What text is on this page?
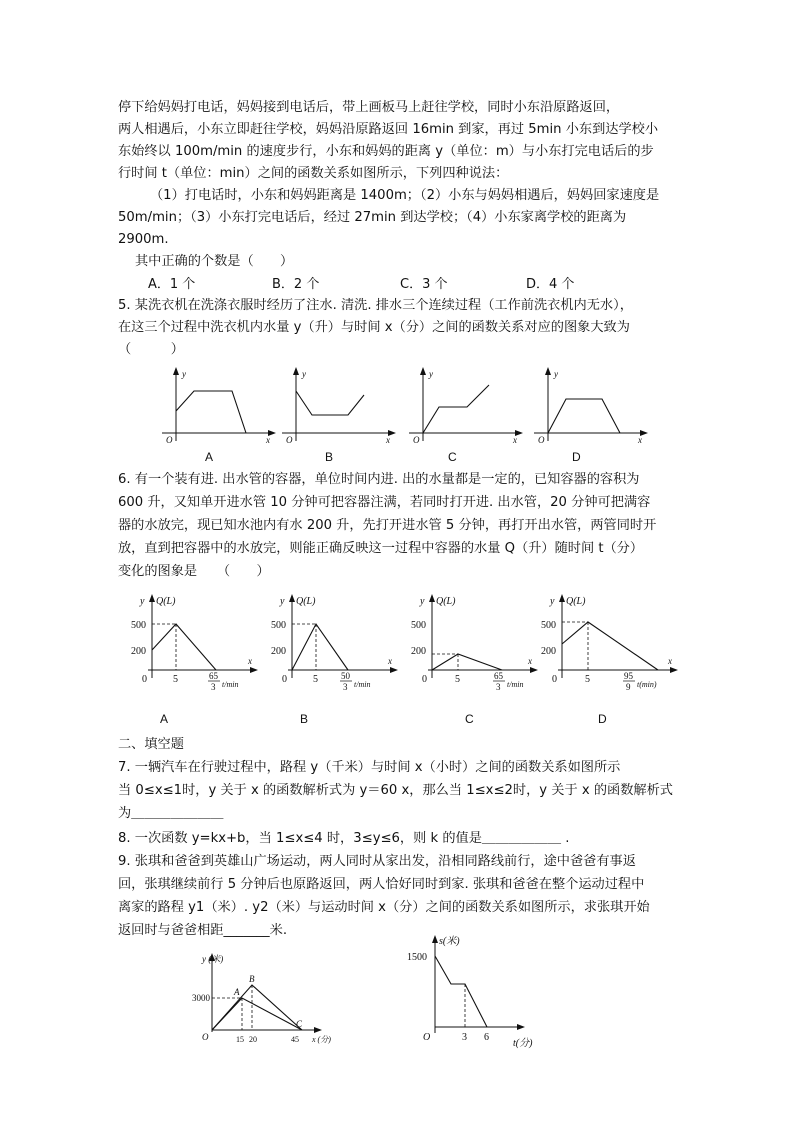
停下给妈妈打电话，妈妈接到电话后，带上画板马上赶往学校，同时小东沿原路返回，
两人相遇后，小东立即赶往学校，妈妈沿原路返回 16min 到家，再过 5min 小东到达学校小
东始终以 100m/min 的速度步行，小东和妈妈的距离 y（单位：m）与小东打完电话后的步
行时间 t（单位：min）之间的函数关系如图所示，下列四种说法：
（1）打电话时，小东和妈妈距离是 1400m；（2）小东与妈妈相遇后，妈妈回家速度是
50m/min；（3）小东打完电话后，经过 27min 到达学校；（4）小东家离学校的距离为
2900m.
其中正确的个数是（　　）
A．1 个	B．2 个	C．3 个	D．4 个
5. 某洗衣机在洗涤衣服时经历了注水. 清洗. 排水三个连续过程（工作前洗衣机内无水），
在这三个过程中洗衣机内水量 y（升）与时间 x（分）之间的函数关系对应的图象大致为
（　　　）
y
x
O
A
y
x
O
B
y
x
O
C
y
x
O
D
6. 有一个装有进. 出水管的容器，单位时间内进. 出的水量都是一定的，已知容器的容积为
600 升，又知单开进水管 10 分钟可把容器注满，若同时打开进. 出水管，20 分钟可把满容
器的水放完，现已知水池内有水 200 升，先打开进水管 5 分钟，再打开出水管，两管同时开
放，直到把容器中的水放完，则能正确反映这一过程中容器的水量 Q（升）随时间 t（分）
变化的图象是　　（　　）
y Q(L)
500
200
0	5
x
65
3 t/min
A
y Q(L)
500
200
0	5
x
50
3 t/min
B
y Q(L)
500
200
0	5
x
65
3 t/min
C
y Q(L)
500
200
0	5
x
95
9 t(min)
D
二、填空题
7. 一辆汽车在行驶过程中，路程 y（千米）与时间 x（小时）之间的函数关系如图所示
当 0≤x≤1时，y 关于 x 的函数解析式为 y＝60 x，那么当 1≤x≤2时，y 关于 x 的函数解析式
为＿＿＿＿＿＿＿
8. 一次函数 y=kx+b，当 1≤x≤4 时，3≤y≤6，则 k 的值是＿＿＿＿＿＿ .
9. 张琪和爸爸到英雄山广场运动，两人同时从家出发，沿相同路线前行，途中爸爸有事返
回，张琪继续前行 5 分钟后也原路返回，两人恰好同时到家. 张琪和爸爸在整个运动过程中
离家的路程 y1（米）. y2（米）与运动时间 x（分）之间的函数关系如图所示，求张琪开始
返回时与爸爸相距_______米.
y (米)
3000
O	15 20	45 x (分)
A
B
C
s(米)
1500
O	3 6
t(分)
